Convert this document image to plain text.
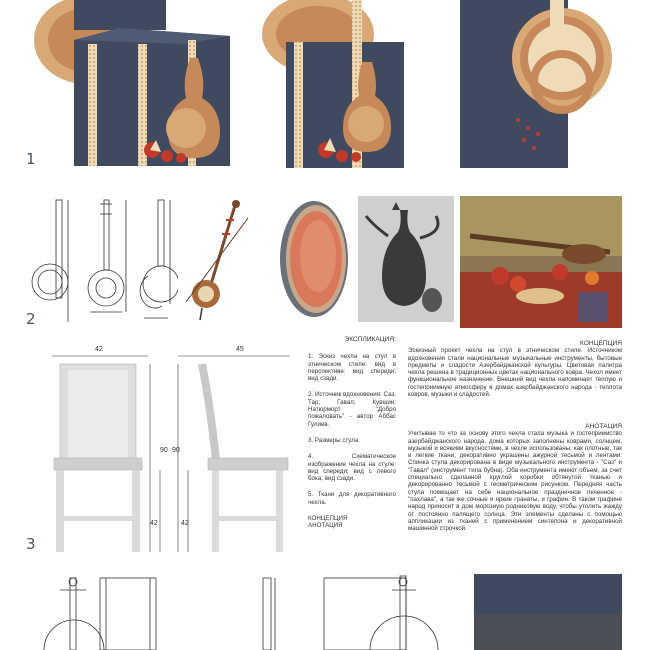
1
2
42
90
42
45
90
42
3

ЭКСПЛИКАЦИЯ:

1. Эскиз чехла на стул в этническом стиле: вид в перспективе: вид спереди; вид сзади.

2. Источник вдохновения: Саз; Тар; Гавал; Кувшин; Натюрморт "Добро пожаловать" - автор Аббас Гулиев.

3. Размеры стула.

4. Схематическое изображение чехла на стуле: вид спереди; вид с левого бока; вид сзади.

5. Ткани для декоративного чехла.

КОНЦЕПЦИЯ

АНОТАЦИЯ

КОНЦЕПЦИЯ

Эскизный проект чехла на стул в этническом стиле. Источником вдохновения стали национальные музыкальные инструменты, бытовые предметы и сладости Азербайджанской культуры. Цветовая палитра чехла решена в традиционных цветах национального ковра. Чехол имеет функциональное назначение. Внешний вид чехла напоминает теплую и гостеприимную атмосферу в домах азербайджанского народа - теплота ковров, музыки и сладостей.

АНОТАЦИЯ

Учитывая то что за основу этого чехла стала музыка и гостеприимство азербайджанского народа, дома которых заполнены коврами, солнцем, музыкой и всякими вкусностями, в чехле использованы, как плотные, так и легкие ткани, декоративно украшены ажурной тесьмой и лентами. Спинка стула декорирована в виде музыкального инструмента - "Саз" и "Гавал" (инструмент типа бубна). Оба инструмента имеют объем, за счет специально сделанной круглой коробки обтянутой тканью и декорированно тесьмой с геометрическим рисунком. Передняя часть стула помещает на себе национальное праздничное печенное - "пахлава", а так же сочные и яркие гранаты, и графин. В таком графине народ приносит в дом морозную родниковую воду, чтобы утолить жажду от постоянно палящего солнца. Эти элементы сделаны с помощью аппликации из тканей с применением синтепона и декоративной машинной строчкой.
